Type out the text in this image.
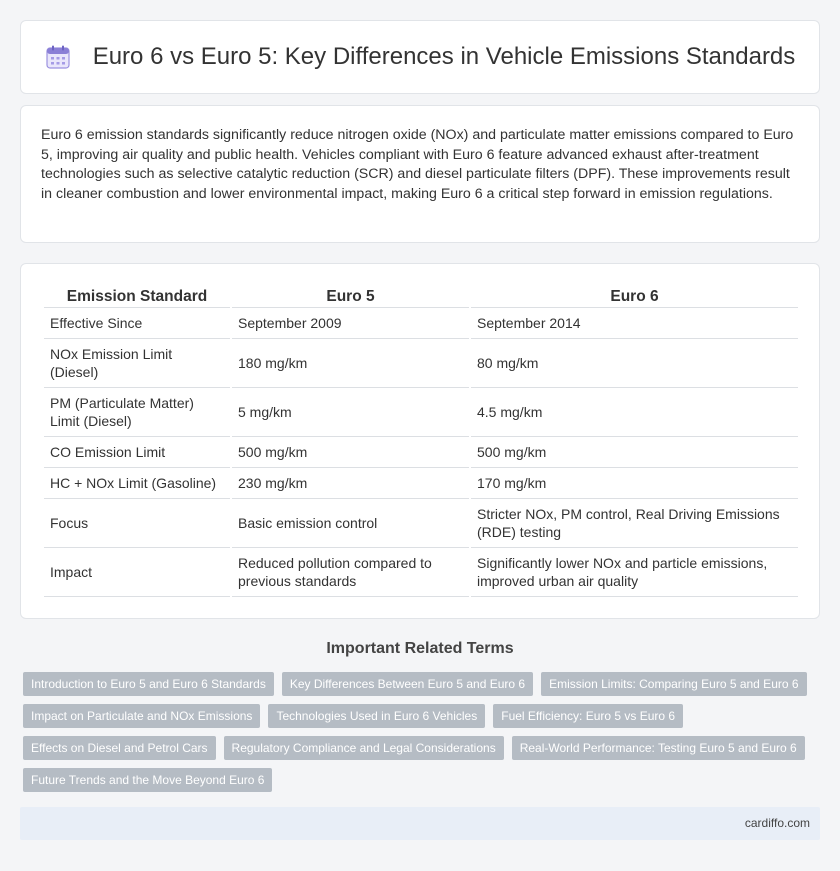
Euro 6 vs Euro 5: Key Differences in Vehicle Emissions Standards

Euro 6 emission standards significantly reduce nitrogen oxide (NOx) and particulate matter emissions compared to Euro 5, improving air quality and public health. Vehicles compliant with Euro 6 feature advanced exhaust after-treatment technologies such as selective catalytic reduction (SCR) and diesel particulate filters (DPF). These improvements result in cleaner combustion and lower environmental impact, making Euro 6 a critical step forward in emission regulations.

Emission Standard	Euro 5	Euro 6
Effective Since	September 2009	September 2014
NOx Emission Limit (Diesel)	180 mg/km	80 mg/km
PM (Particulate Matter) Limit (Diesel)	5 mg/km	4.5 mg/km
CO Emission Limit	500 mg/km	500 mg/km
HC + NOx Limit (Gasoline)	230 mg/km	170 mg/km
Focus	Basic emission control	Stricter NOx, PM control, Real Driving Emissions (RDE) testing
Impact	Reduced pollution compared to previous standards	Significantly lower NOx and particle emissions, improved urban air quality
Important Related Terms
Introduction to Euro 5 and Euro 6 Standards	Key Differences Between Euro 5 and Euro 6	Emission Limits: Comparing Euro 5 and Euro 6
Impact on Particulate and NOx Emissions	Technologies Used in Euro 6 Vehicles	Fuel Efficiency: Euro 5 vs Euro 6
Effects on Diesel and Petrol Cars	Regulatory Compliance and Legal Considerations	Real-World Performance: Testing Euro 5 and Euro 6
Future Trends and the Move Beyond Euro 6
cardiffo.com
